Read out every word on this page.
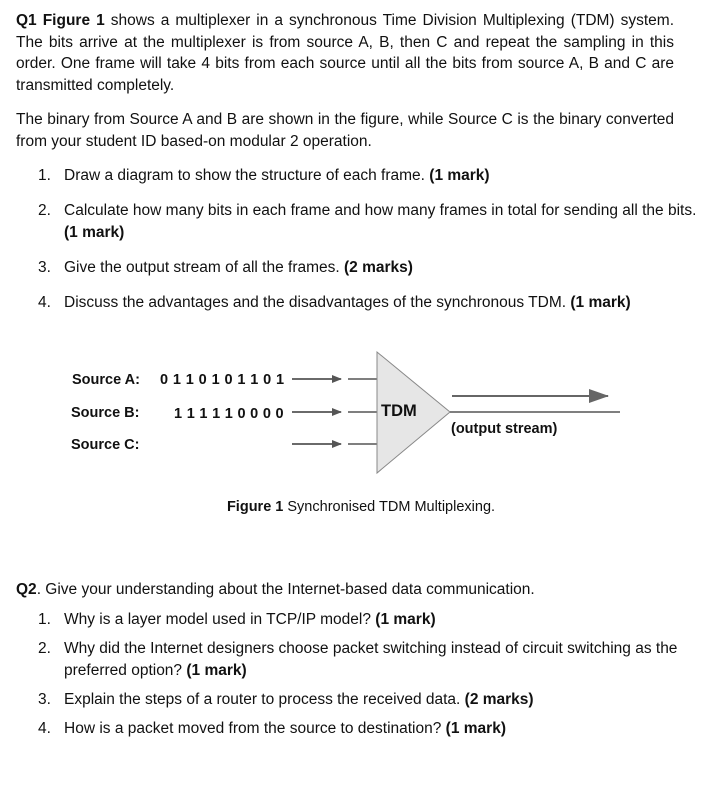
Q1 Figure 1 shows a multiplexer in a synchronous Time Division Multiplexing (TDM) system. The bits arrive at the multiplexer is from source A, B, then C and repeat the sampling in this order. One frame will take 4 bits from each source until all the bits from source A, B and C are transmitted completely.

The binary from Source A and B are shown in the figure, while Source C is the binary converted from your student ID based-on modular 2 operation.

1. Draw a diagram to show the structure of each frame. (1 mark)
2. Calculate how many bits in each frame and how many frames in total for sending all the bits. (1 mark)
3. Give the output stream of all the frames. (2 marks)
4. Discuss the advantages and the disadvantages of the synchronous TDM. (1 mark)
Source A: 0 1 1 0 1 0 1 1 0 1
Source B: 1 1 1 1 1 0 0 0 0
Source C:
TDM
(output stream)
Figure 1 Synchronised TDM Multiplexing.

Q2. Give your understanding about the Internet-based data communication.

1. Why is a layer model used in TCP/IP model? (1 mark)
2. Why did the Internet designers choose packet switching instead of circuit switching as the preferred option? (1 mark)
3. Explain the steps of a router to process the received data. (2 marks)
4. How is a packet moved from the source to destination? (1 mark)
